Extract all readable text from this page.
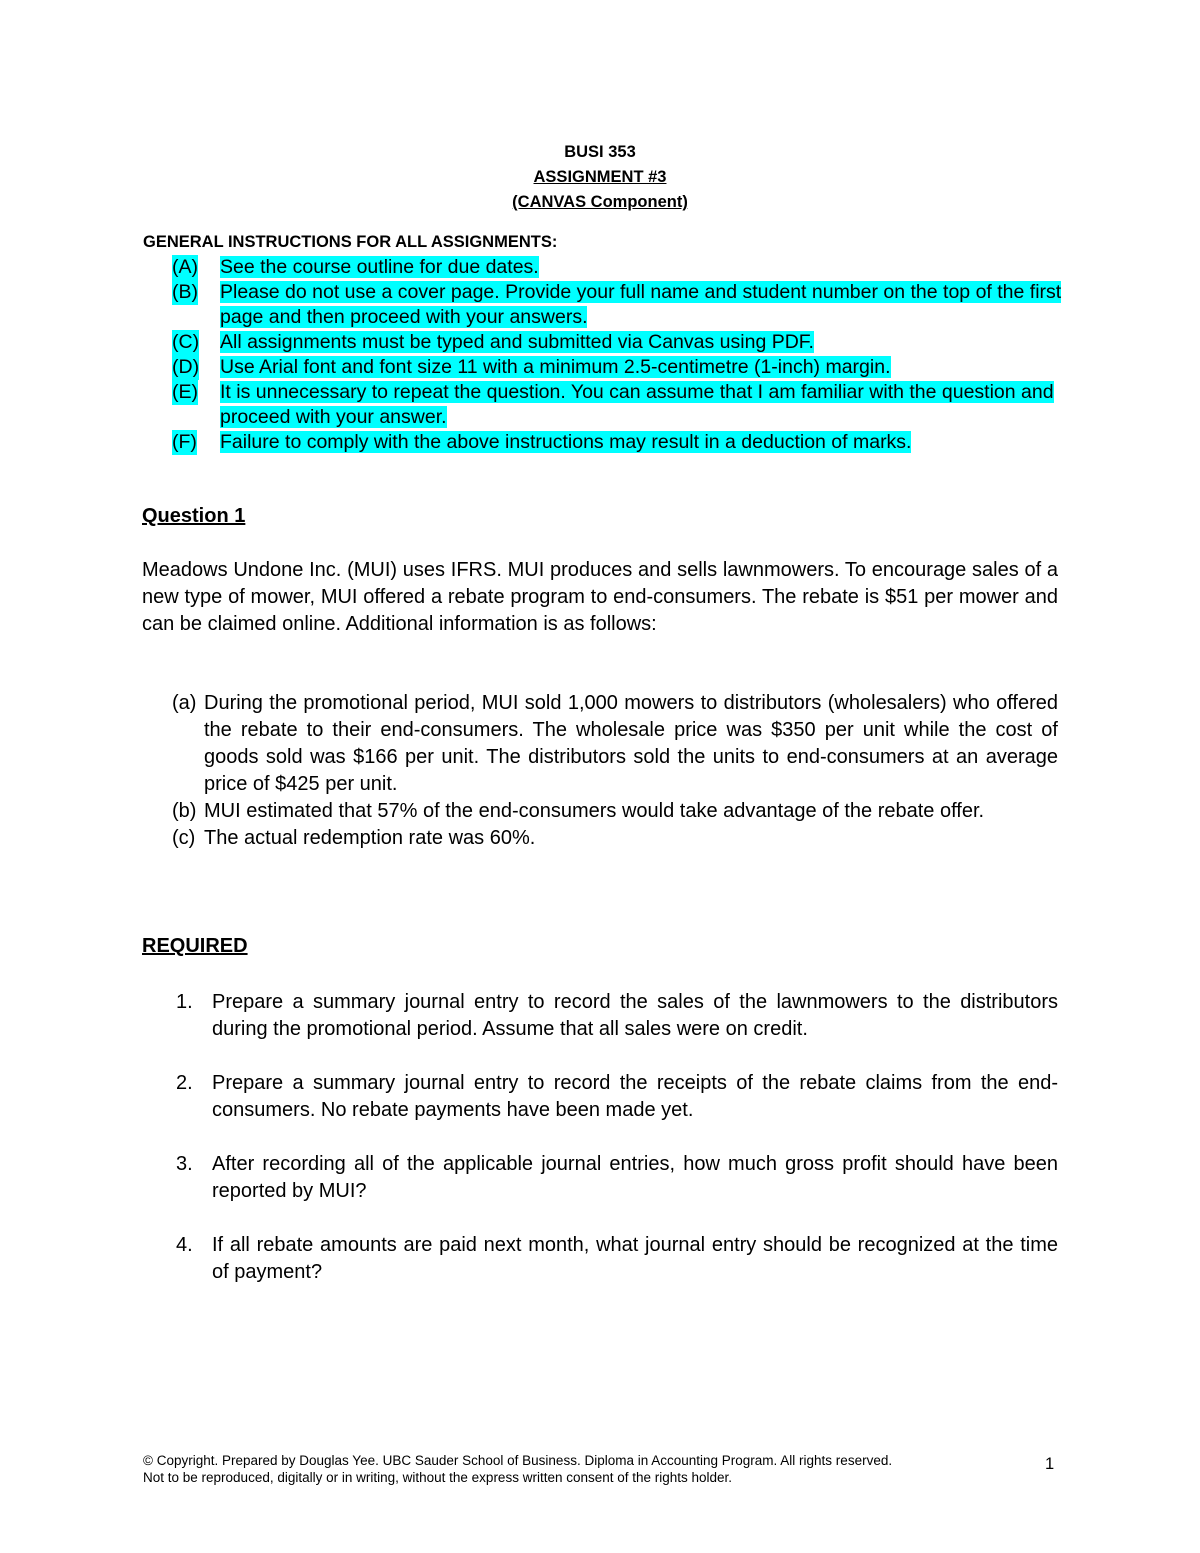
BUSI 353
ASSIGNMENT #3
(CANVAS Component)
GENERAL INSTRUCTIONS FOR ALL ASSIGNMENTS:
(A) See the course outline for due dates.
(B) Please do not use a cover page. Provide your full name and student number on the top of the first page and then proceed with your answers.
(C) All assignments must be typed and submitted via Canvas using PDF.
(D) Use Arial font and font size 11 with a minimum 2.5-centimetre (1-inch) margin.
(E) It is unnecessary to repeat the question. You can assume that I am familiar with the question and proceed with your answer.
(F) Failure to comply with the above instructions may result in a deduction of marks.
Question 1

Meadows Undone Inc. (MUI) uses IFRS. MUI produces and sells lawnmowers. To encourage sales of a new type of mower, MUI offered a rebate program to end-consumers. The rebate is $51 per mower and can be claimed online. Additional information is as follows:

(a) During the promotional period, MUI sold 1,000 mowers to distributors (wholesalers) who offered the rebate to their end-consumers. The wholesale price was $350 per unit while the cost of goods sold was $166 per unit. The distributors sold the units to end-consumers at an average price of $425 per unit.
(b) MUI estimated that 57% of the end-consumers would take advantage of the rebate offer.
(c) The actual redemption rate was 60%.
REQUIRED
1. Prepare a summary journal entry to record the sales of the lawnmowers to the distributors during the promotional period. Assume that all sales were on credit.
2. Prepare a summary journal entry to record the receipts of the rebate claims from the end-consumers. No rebate payments have been made yet.
3. After recording all of the applicable journal entries, how much gross profit should have been reported by MUI?
4. If all rebate amounts are paid next month, what journal entry should be recognized at the time of payment?
© Copyright. Prepared by Douglas Yee. UBC Sauder School of Business. Diploma in Accounting Program. All rights reserved.
Not to be reproduced, digitally or in writing, without the express written consent of the rights holder.
1
